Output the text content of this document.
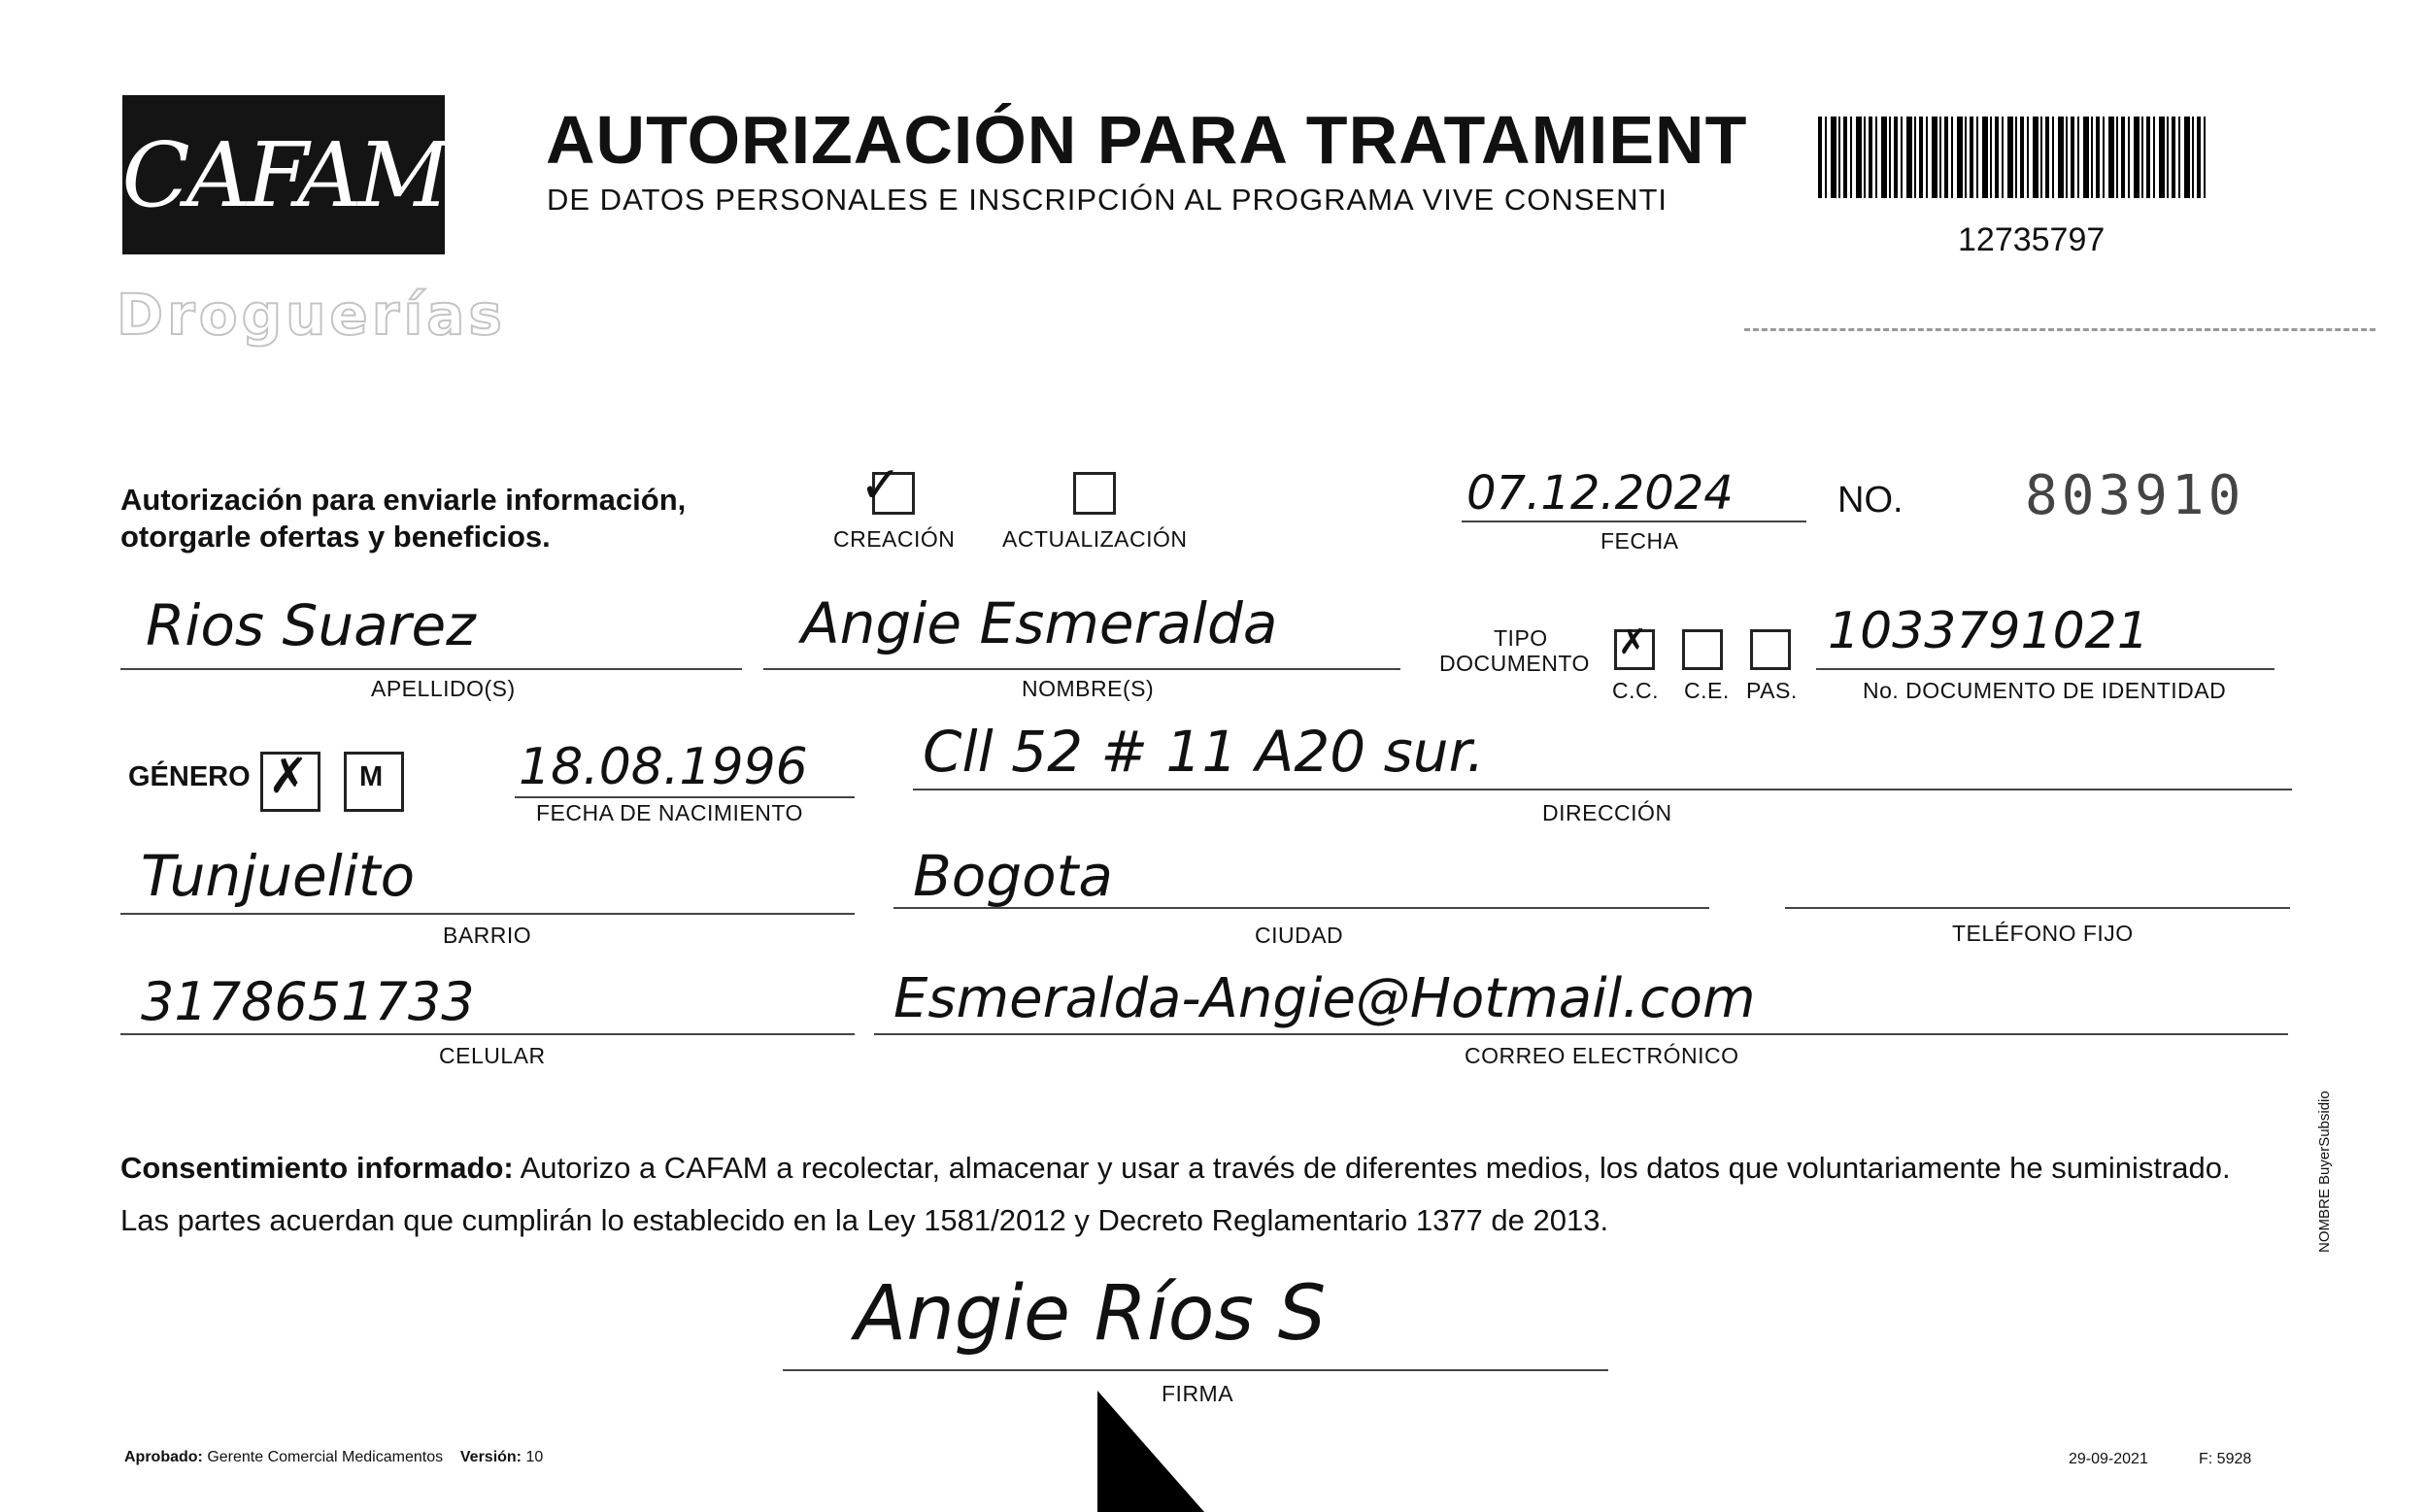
CAFAM
Droguerías
AUTORIZACIÓN PARA TRATAMIENT
DE DATOS PERSONALES E INSCRIPCIÓN AL PROGRAMA VIVE CONSENTI
12735797
Autorización para enviarle información,
otorgarle ofertas y beneficios.
✓
CREACIÓN ACTUALIZACIÓN
07.12.2024
FECHA
NO. 803910
Rios Suarez
APELLIDO(S)
Angie Esmeralda
NOMBRE(S)
TIPO
DOCUMENTO
✗
C.C. C.E. PAS.
1033791021
No. DOCUMENTO DE IDENTIDAD
GÉNERO ✗ M	18.08.1996
FECHA DE NACIMIENTO
Cll 52 # 11 A20 sur.
DIRECCIÓN
Tunjuelito
BARRIO
Bogota
CIUDAD	TELÉFONO FIJO
3178651733
CELULAR
Esmeralda-Angie@Hotmail.com
CORREO ELECTRÓNICO
Consentimiento informado: Autorizo a CAFAM a recolectar, almacenar y usar a través de diferentes medios, los datos que voluntariamente he suministrado.
Las partes acuerdan que cumplirán lo establecido en la Ley 1581/2012 y Decreto Reglamentario 1377 de 2013.
Angie Ríos S
FIRMA
Aprobado: Gerente Comercial Medicamentos Versión: 10	29-09-2021	F: 5928
NOMBRE BuyerSubsidio
